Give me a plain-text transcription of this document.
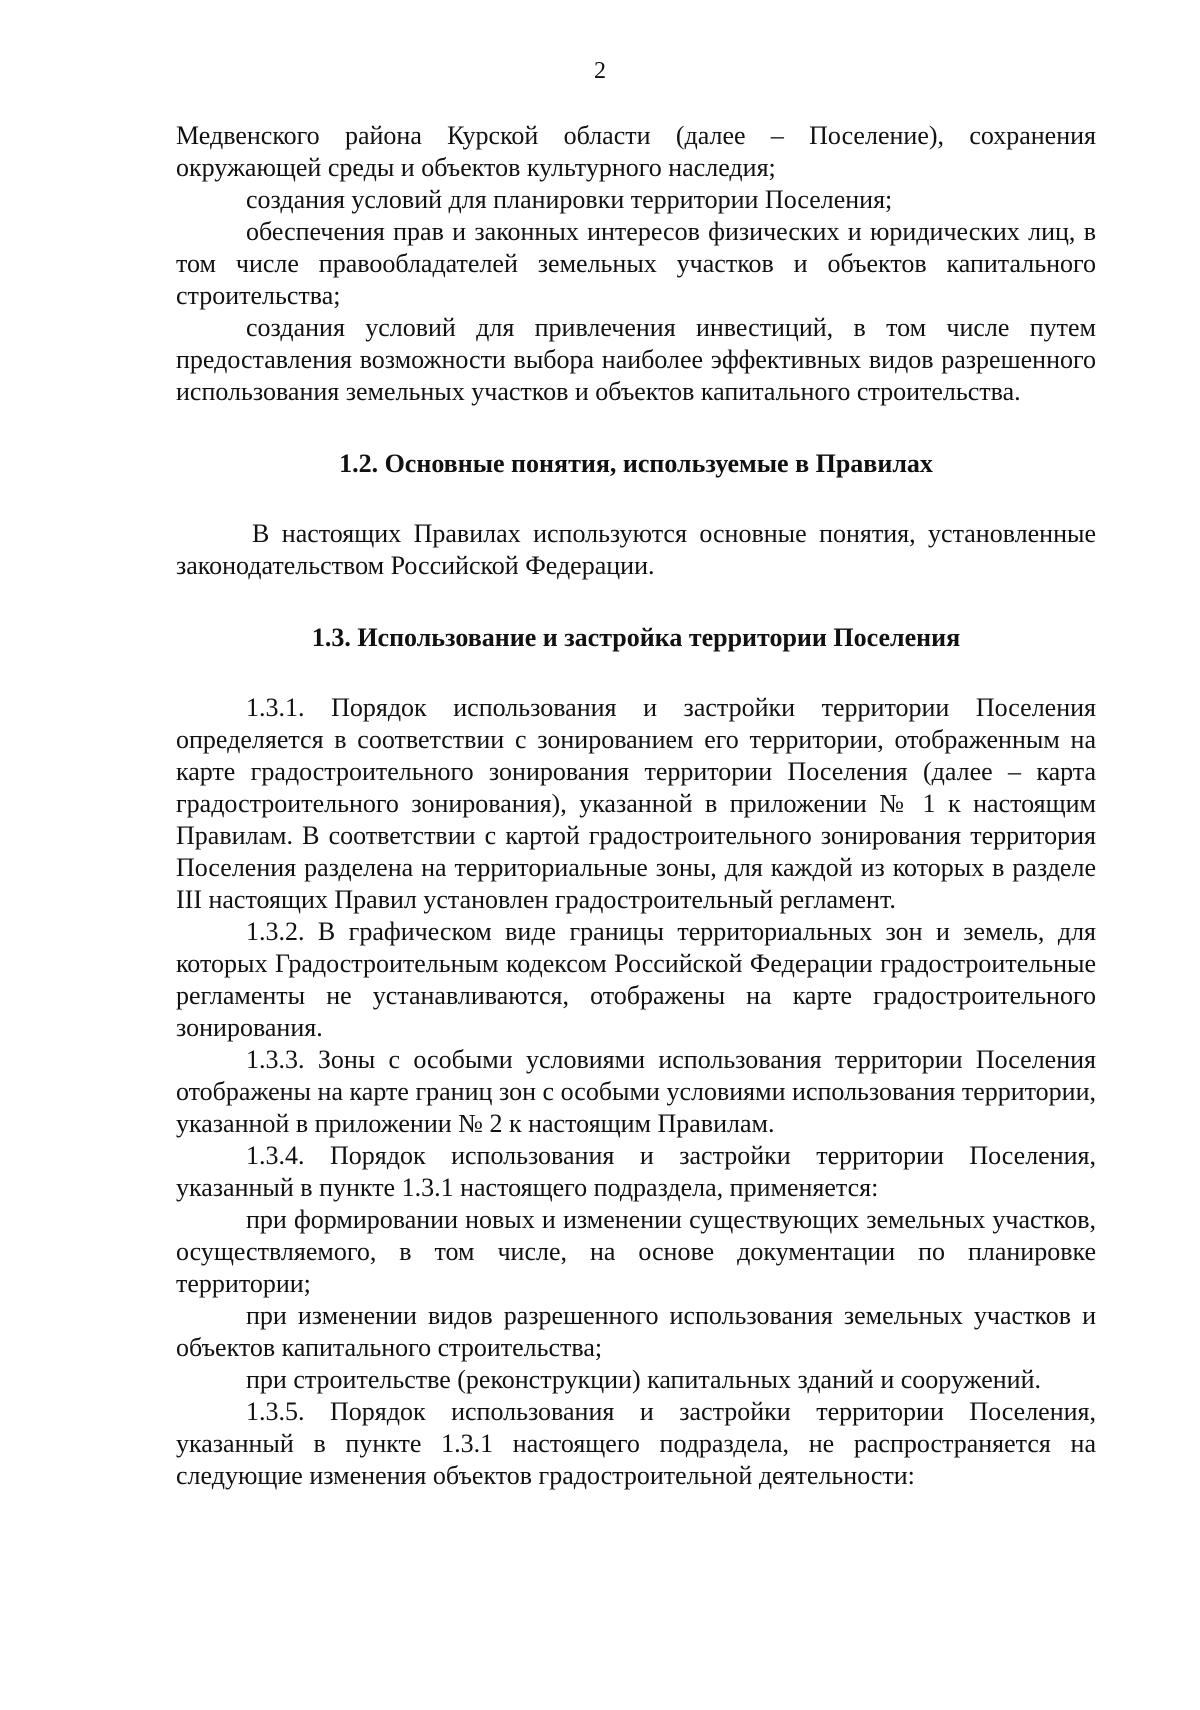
2

Медвенского района Курской области (далее – Поселение), сохранения окружающей среды и объектов культурного наследия;

создания условий для планировки территории Поселения;

обеспечения прав и законных интересов физических и юридических лиц, в том числе правообладателей земельных участков и объектов капитального строительства;

создания условий для привлечения инвестиций, в том числе путем предоставления возможности выбора наиболее эффективных видов разрешенного использования земельных участков и объектов капитального строительства.

1.2. Основные понятия, используемые в Правилах

В настоящих Правилах используются основные понятия, установленные законодательством Российской Федерации.

1.3. Использование и застройка территории Поселения

1.3.1. Порядок использования и застройки территории Поселения определяется в соответствии с зонированием его территории, отображенным на карте градостроительного зонирования территории Поселения (далее – карта градостроительного зонирования), указанной в приложении № 1 к настоящим Правилам. В соответствии с картой градостроительного зонирования территория Поселения разделена на территориальные зоны, для каждой из которых в разделе III настоящих Правил установлен градостроительный регламент.

1.3.2. В графическом виде границы территориальных зон и земель, для которых Градостроительным кодексом Российской Федерации градостроительные регламенты не устанавливаются, отображены на карте градостроительного зонирования.

1.3.3. Зоны с особыми условиями использования территории Поселения отображены на карте границ зон с особыми условиями использования территории, указанной в приложении № 2 к настоящим Правилам.

1.3.4. Порядок использования и застройки территории Поселения, указанный в пункте 1.3.1 настоящего подраздела, применяется:

при формировании новых и изменении существующих земельных участков, осуществляемого, в том числе, на основе документации по планировке территории;

при изменении видов разрешенного использования земельных участков и объектов капитального строительства;

при строительстве (реконструкции) капитальных зданий и сооружений.

1.3.5. Порядок использования и застройки территории Поселения, указанный в пункте 1.3.1 настоящего подраздела, не распространяется на следующие изменения объектов градостроительной деятельности:
